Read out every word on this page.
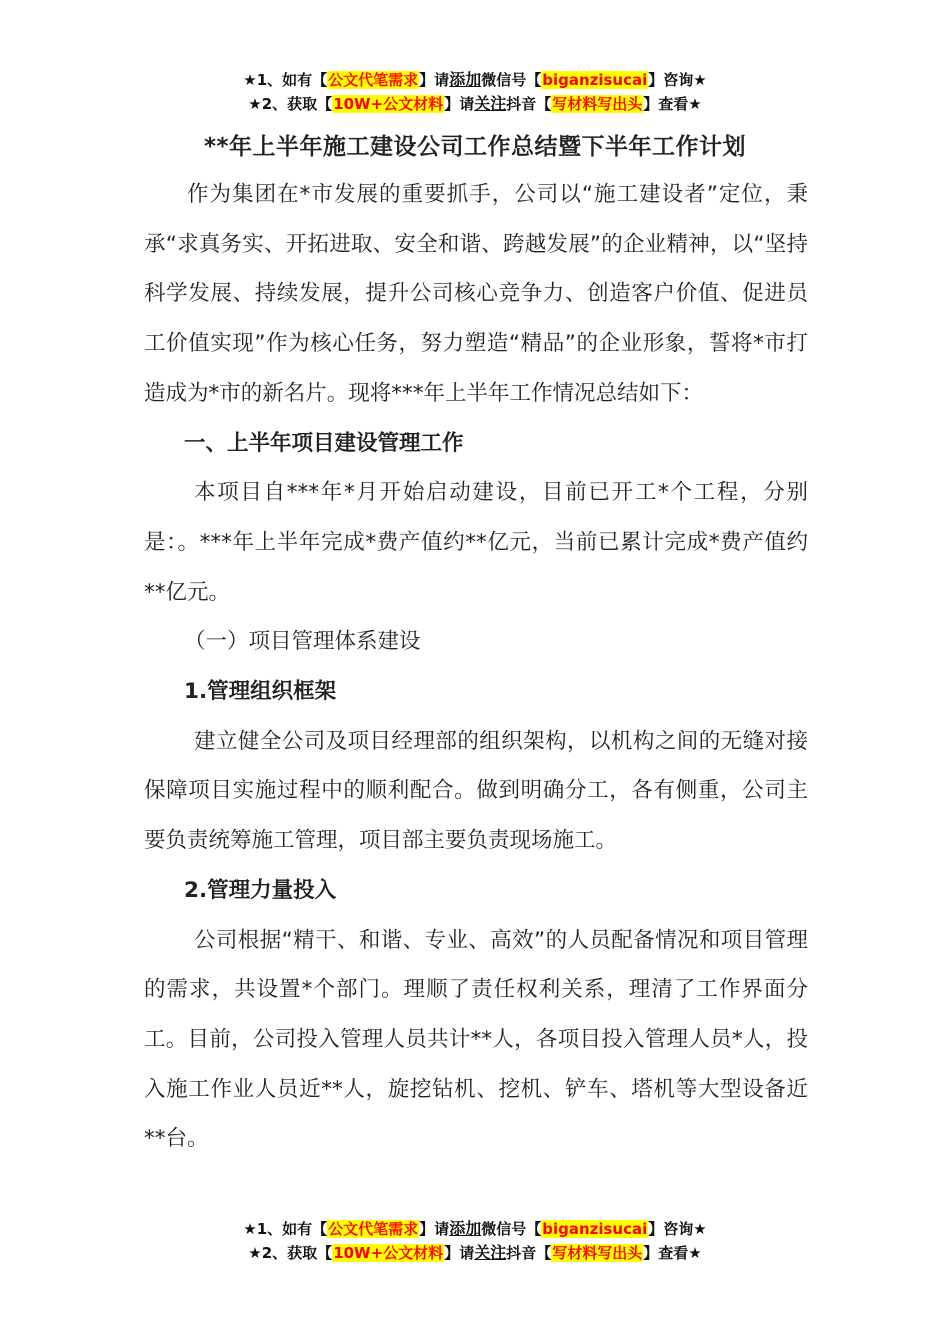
★1、如有【公文代笔需求】请添加微信号【biganzisucai】咨询★
★2、获取【10W+公文材料】请关注抖音【写材料写出头】查看★
**年上半年施工建设公司工作总结暨下半年工作计划

作为集团在*市发展的重要抓手，公司以“施工建设者”定位，秉承“求真务实、开拓进取、安全和谐、跨越发展”的企业精神，以“坚持科学发展、持续发展，提升公司核心竞争力、创造客户价值、促进员工价值实现”作为核心任务，努力塑造“精品”的企业形象，誓将*市打造成为*市的新名片。现将***年上半年工作情况总结如下：

一、上半年项目建设管理工作

本项目自***年*月开始启动建设，目前已开工*个工程，分别是：。***年上半年完成*费产值约**亿元，当前已累计完成*费产值约**亿元。

（一）项目管理体系建设

1.管理组织框架

建立健全公司及项目经理部的组织架构，以机构之间的无缝对接保障项目实施过程中的顺利配合。做到明确分工，各有侧重，公司主要负责统筹施工管理，项目部主要负责现场施工。

2.管理力量投入

公司根据“精干、和谐、专业、高效”的人员配备情况和项目管理的需求，共设置*个部门。理顺了责任权利关系，理清了工作界面分工。目前，公司投入管理人员共计**人，各项目投入管理人员*人，投入施工作业人员近**人，旋挖钻机、挖机、铲车、塔机等大型设备近**台。

★1、如有【公文代笔需求】请添加微信号【biganzisucai】咨询★
★2、获取【10W+公文材料】请关注抖音【写材料写出头】查看★
